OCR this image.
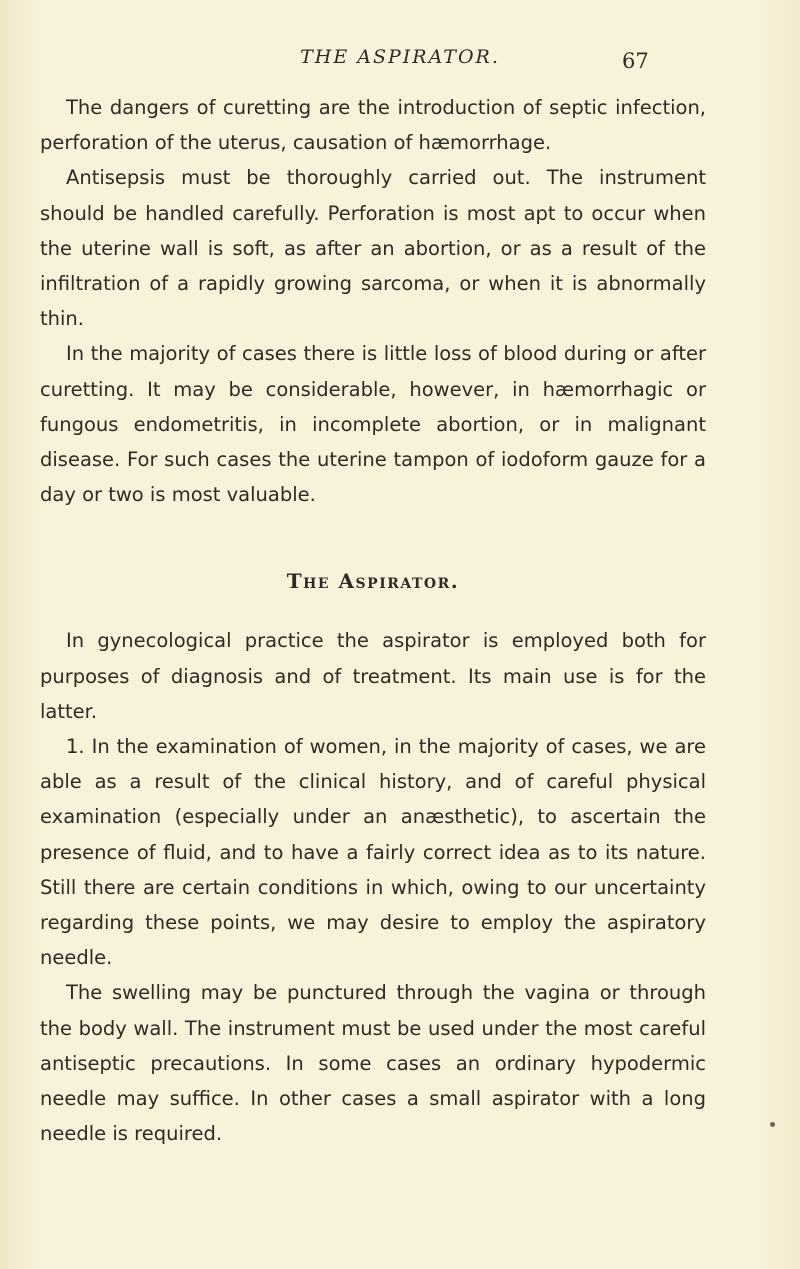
THE ASPIRATOR.	67

The dangers of curetting are the introduction of septic infection, perforation of the uterus, causation of hæmorrhage.

Antisepsis must be thoroughly carried out. The instrument should be handled carefully. Perforation is most apt to occur when the uterine wall is soft, as after an abortion, or as a result of the infiltration of a rapidly growing sarcoma, or when it is abnormally thin.

In the majority of cases there is little loss of blood during or after curetting. It may be considerable, however, in hæmorrhagic or fungous endometritis, in incomplete abortion, or in malignant disease. For such cases the uterine tampon of iodoform gauze for a day or two is most valuable.

The Aspirator.

In gynecological practice the aspirator is employed both for purposes of diagnosis and of treatment. Its main use is for the latter.

1. In the examination of women, in the majority of cases, we are able as a result of the clinical history, and of careful physical examination (especially under an anæsthetic), to ascertain the presence of fluid, and to have a fairly correct idea as to its nature. Still there are certain conditions in which, owing to our uncertainty regarding these points, we may desire to employ the aspiratory needle.

The swelling may be punctured through the vagina or through the body wall. The instrument must be used under the most careful antiseptic precautions. In some cases an ordinary hypodermic needle may suffice. In other cases a small aspirator with a long needle is required.
